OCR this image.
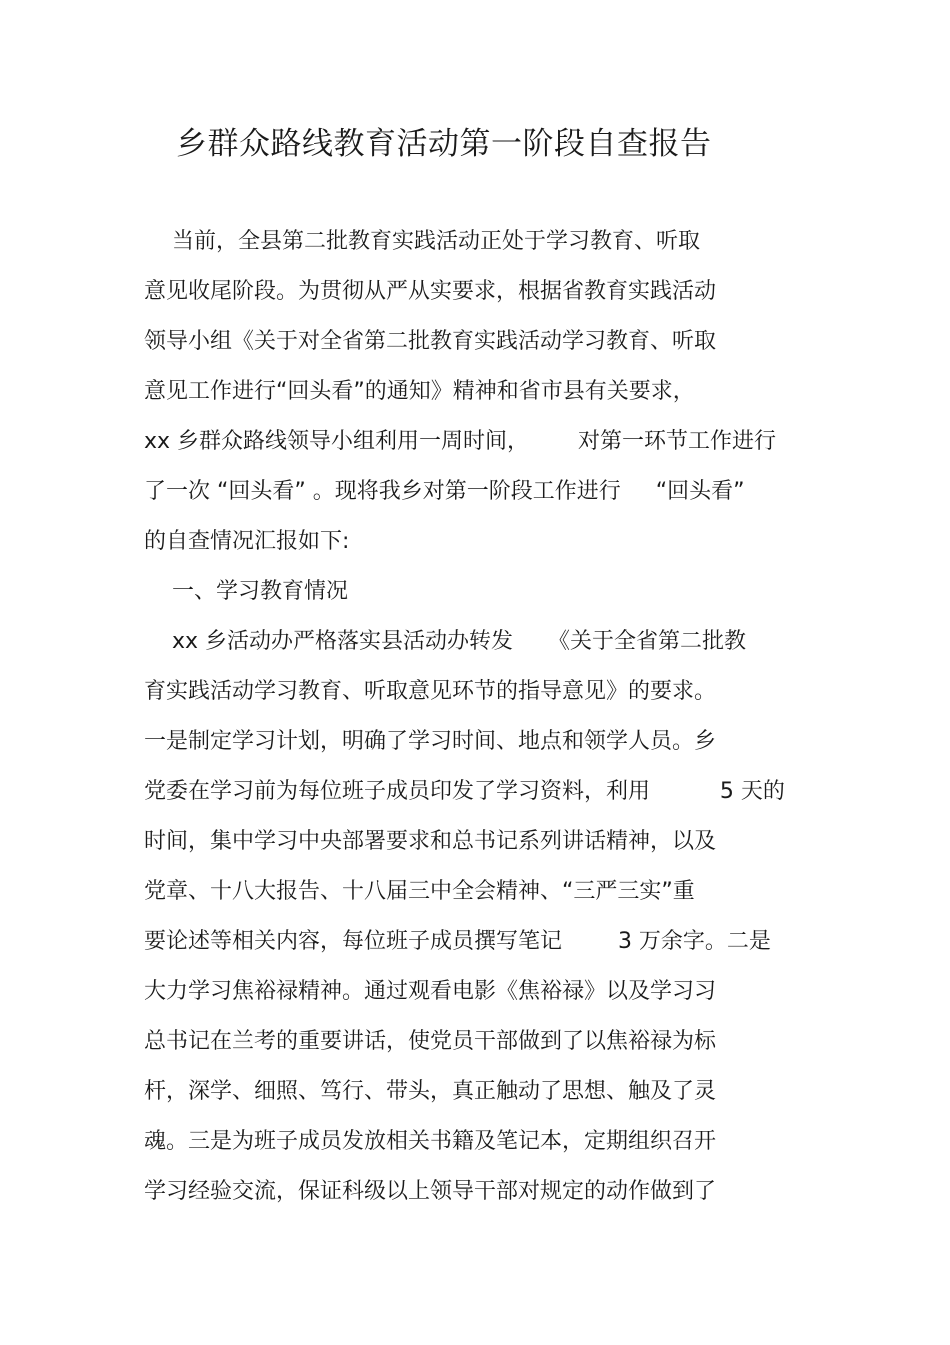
乡群众路线教育活动第一阶段自查报告
当前，全县第二批教育实践活动正处于学习教育、听取
意见收尾阶段。为贯彻从严从实要求，根据省教育实践活动
领导小组《关于对全省第二批教育实践活动学习教育、听取
意见工作进行“回头看”的通知》精神和省市县有关要求，
xx 乡群众路线领导小组利用一周时间，       对第一环节工作进行
了一次 “回头看” 。现将我乡对第一阶段工作进行     “回头看”
的自查情况汇报如下:
一、学习教育情况
xx 乡活动办严格落实县活动办转发     《关于全省第二批教
育实践活动学习教育、听取意见环节的指导意见》的要求。
一是制定学习计划，明确了学习时间、地点和领学人员。乡
党委在学习前为每位班子成员印发了学习资料，利用          5 天的
时间，集中学习中央部署要求和总书记系列讲话精神，以及
党章、十八大报告、十八届三中全会精神、“三严三实”重
要论述等相关内容，每位班子成员撰写笔记        3 万余字。二是
大力学习焦裕禄精神。通过观看电影《焦裕禄》以及学习习
总书记在兰考的重要讲话，使党员干部做到了以焦裕禄为标
杆，深学、细照、笃行、带头，真正触动了思想、触及了灵
魂。三是为班子成员发放相关书籍及笔记本，定期组织召开
学习经验交流，保证科级以上领导干部对规定的动作做到了
